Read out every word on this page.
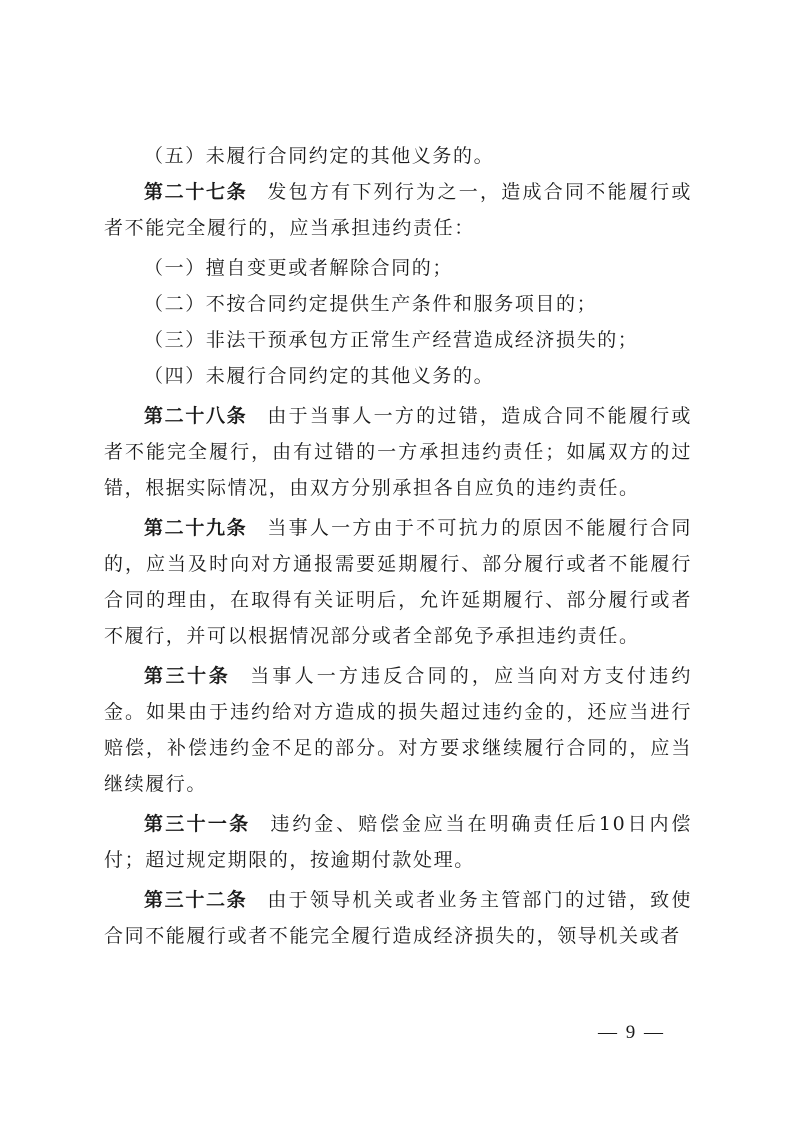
（五）未履行合同约定的其他义务的。

第二十七条 发包方有下列行为之一，造成合同不能履行或者不能完全履行的，应当承担违约责任：

（一）擅自变更或者解除合同的；

（二）不按合同约定提供生产条件和服务项目的；

（三）非法干预承包方正常生产经营造成经济损失的；

（四）未履行合同约定的其他义务的。

第二十八条 由于当事人一方的过错，造成合同不能履行或者不能完全履行，由有过错的一方承担违约责任；如属双方的过错，根据实际情况，由双方分别承担各自应负的违约责任。

第二十九条 当事人一方由于不可抗力的原因不能履行合同的，应当及时向对方通报需要延期履行、部分履行或者不能履行合同的理由，在取得有关证明后，允许延期履行、部分履行或者不履行，并可以根据情况部分或者全部免予承担违约责任。

第三十条 当事人一方违反合同的，应当向对方支付违约金。如果由于违约给对方造成的损失超过违约金的，还应当进行赔偿，补偿违约金不足的部分。对方要求继续履行合同的，应当继续履行。

第三十一条 违约金、赔偿金应当在明确责任后10日内偿付；超过规定期限的，按逾期付款处理。

第三十二条 由于领导机关或者业务主管部门的过错，致使合同不能履行或者不能完全履行造成经济损失的，领导机关或者

— 9 —
